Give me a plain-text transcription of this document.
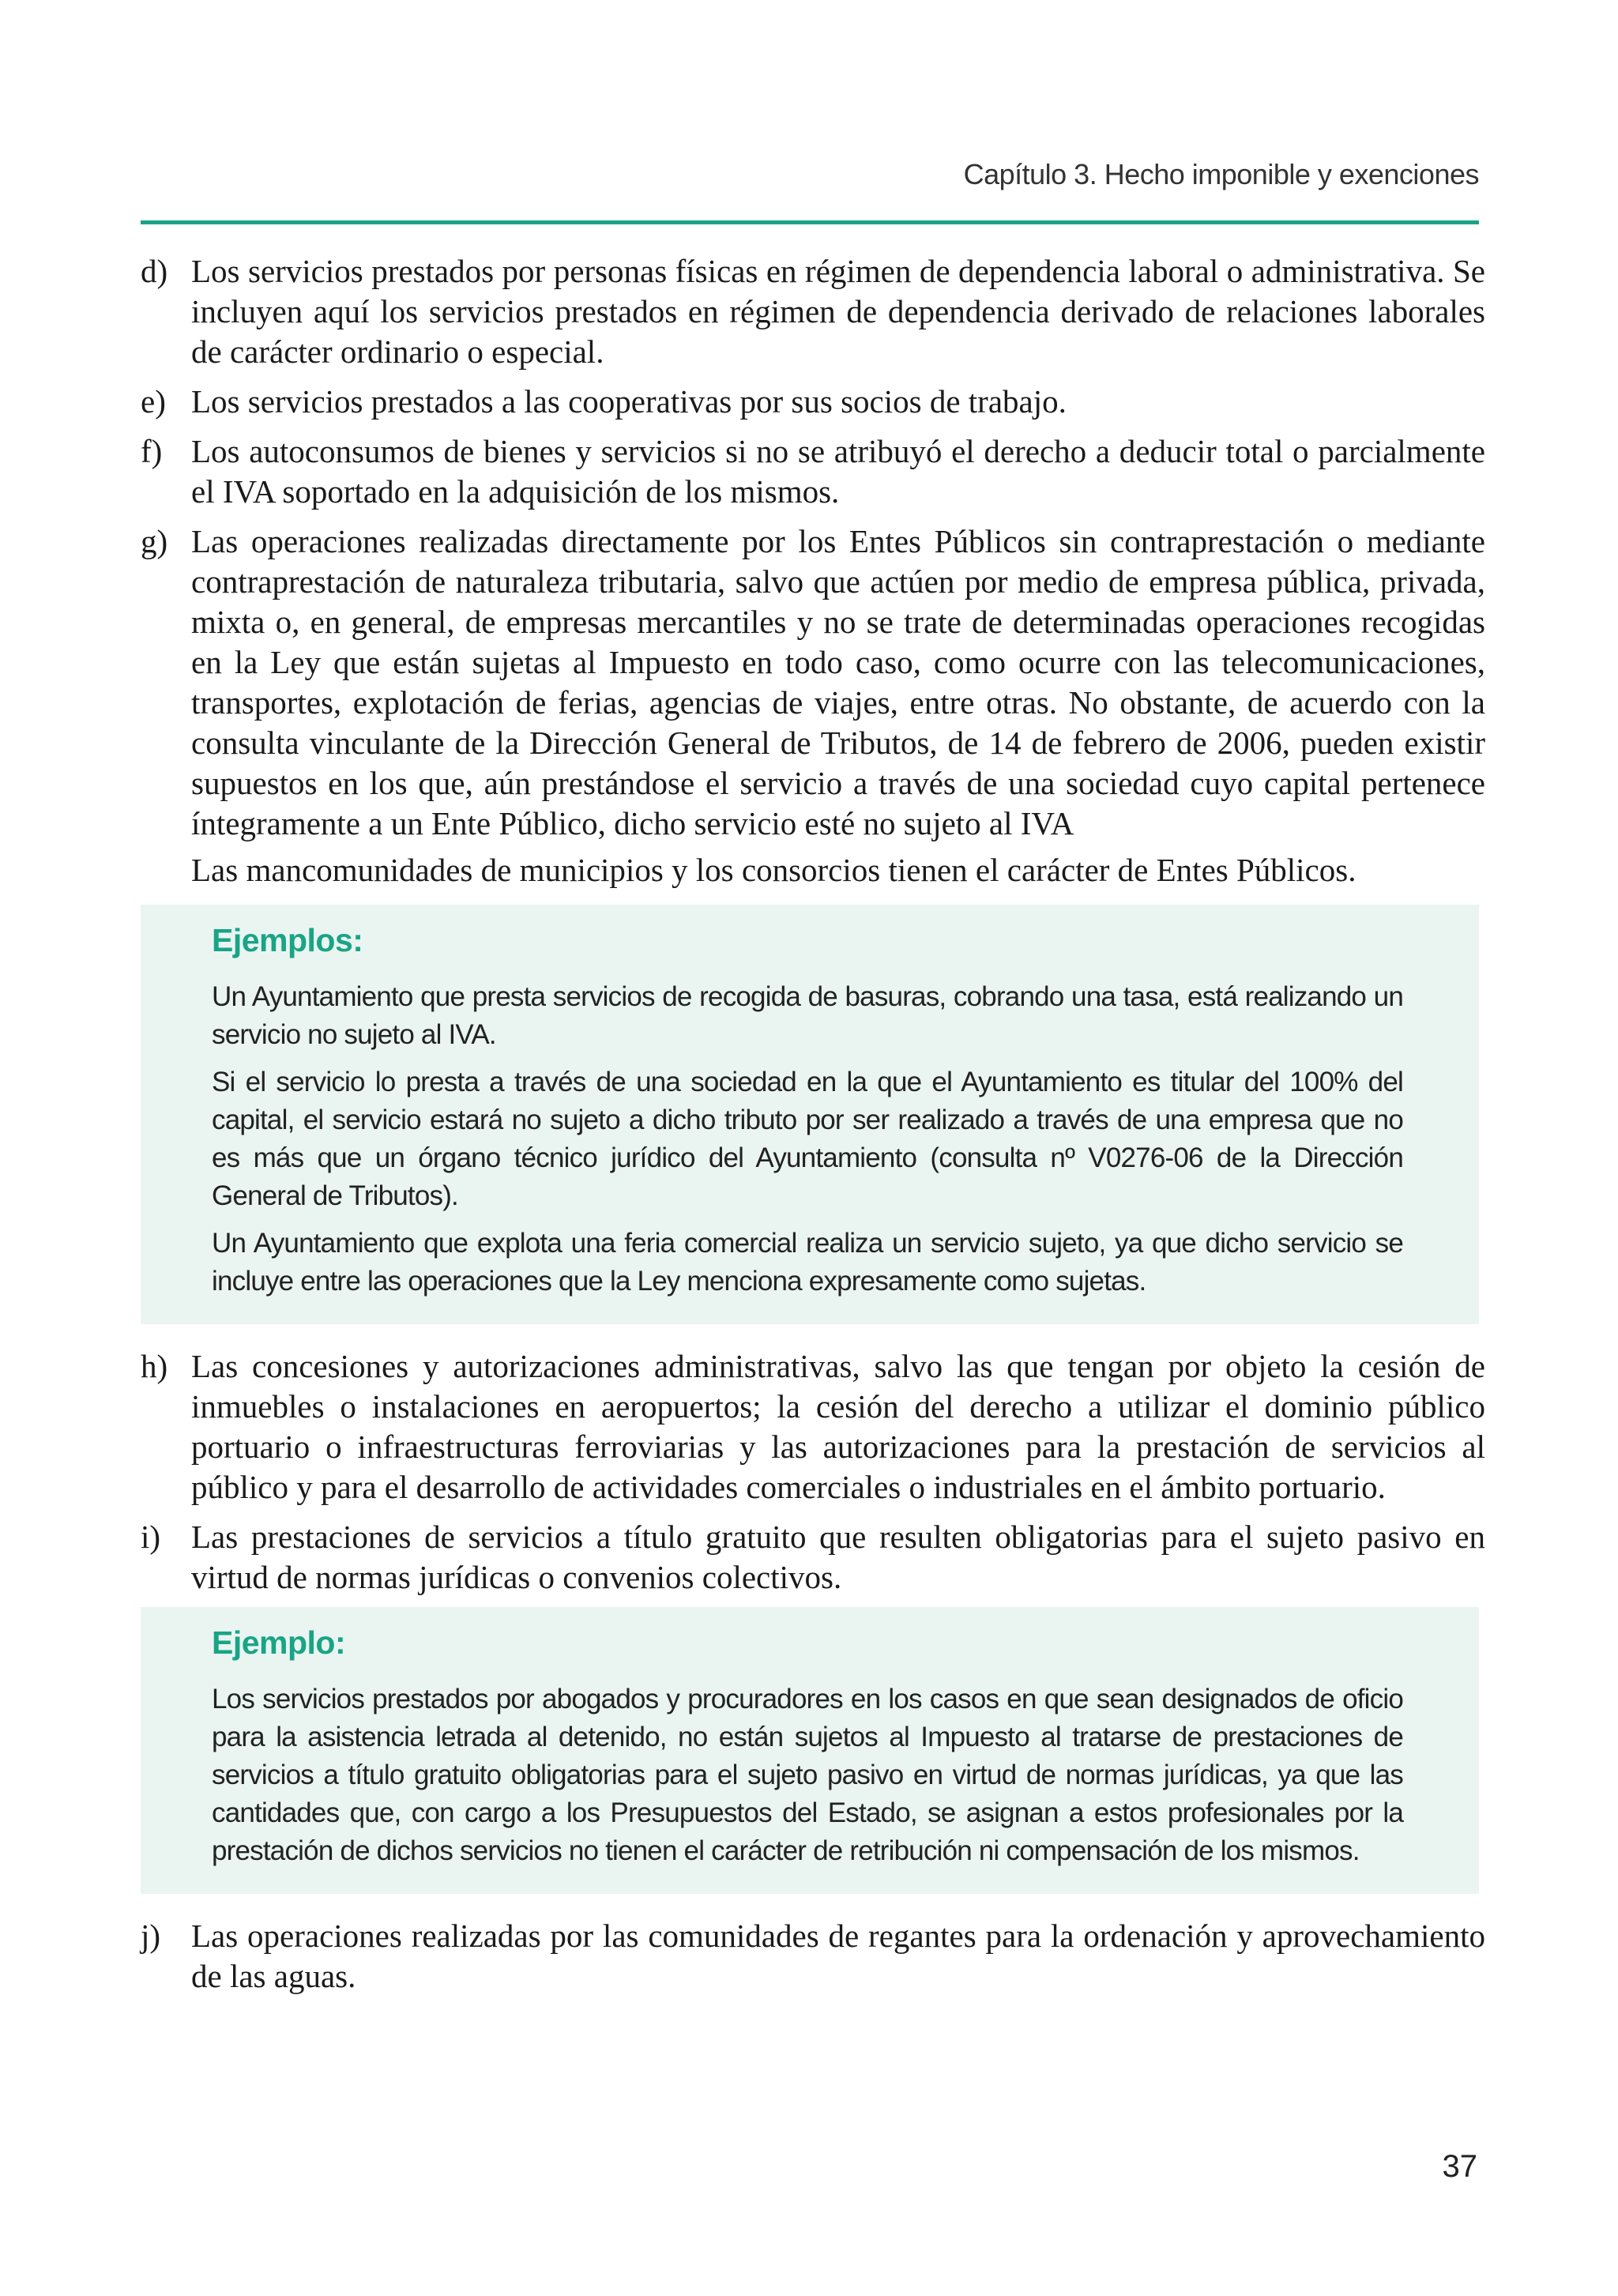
Capítulo 3. Hecho imponible y exenciones
d) Los servicios prestados por personas físicas en régimen de dependencia laboral o administrativa. Se incluyen aquí los servicios prestados en régimen de dependencia derivado de relaciones laborales de carácter ordinario o especial.
e) Los servicios prestados a las cooperativas por sus socios de trabajo.
f) Los autoconsumos de bienes y servicios si no se atribuyó el derecho a deducir total o parcialmente el IVA soportado en la adquisición de los mismos.
g) Las operaciones realizadas directamente por los Entes Públicos sin contraprestación o mediante contraprestación de naturaleza tributaria, salvo que actúen por medio de empresa pública, privada, mixta o, en general, de empresas mercantiles y no se trate de determinadas operaciones recogidas en la Ley que están sujetas al Impuesto en todo caso, como ocurre con las telecomunicaciones, transportes, explotación de ferias, agencias de viajes, entre otras. No obstante, de acuerdo con la consulta vinculante de la Dirección General de Tributos, de 14 de febrero de 2006, pueden existir supuestos en los que, aún prestándose el servicio a través de una sociedad cuyo capital pertenece íntegramente a un Ente Público, dicho servicio esté no sujeto al IVA
Las mancomunidades de municipios y los consorcios tienen el carácter de Entes Públicos.
Ejemplos:
Un Ayuntamiento que presta servicios de recogida de basuras, cobrando una tasa, está realizando un servicio no sujeto al IVA.
Si el servicio lo presta a través de una sociedad en la que el Ayuntamiento es titular del 100% del capital, el servicio estará no sujeto a dicho tributo por ser realizado a través de una empresa que no es más que un órgano técnico jurídico del Ayuntamiento (consulta nº V0276-06 de la Dirección General de Tributos).
Un Ayuntamiento que explota una feria comercial realiza un servicio sujeto, ya que dicho servicio se incluye entre las operaciones que la Ley menciona expresamente como sujetas.
h) Las concesiones y autorizaciones administrativas, salvo las que tengan por objeto la cesión de inmuebles o instalaciones en aeropuertos; la cesión del derecho a utilizar el dominio público portuario o infraestructuras ferroviarias y las autorizaciones para la prestación de servicios al público y para el desarrollo de actividades comerciales o industriales en el ámbito portuario.
i) Las prestaciones de servicios a título gratuito que resulten obligatorias para el sujeto pasivo en virtud de normas jurídicas o convenios colectivos.
Ejemplo:
Los servicios prestados por abogados y procuradores en los casos en que sean designados de oficio para la asistencia letrada al detenido, no están sujetos al Impuesto al tratarse de prestaciones de servicios a título gratuito obligatorias para el sujeto pasivo en virtud de normas jurídicas, ya que las cantidades que, con cargo a los Presupuestos del Estado, se asignan a estos profesionales por la prestación de dichos servicios no tienen el carácter de retribución ni compensación de los mismos.
j) Las operaciones realizadas por las comunidades de regantes para la ordenación y aprovechamiento de las aguas.
37
